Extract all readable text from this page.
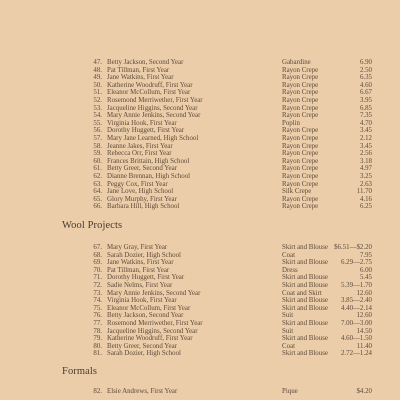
47. Betty Jackson, Second Year	Gabardine	6.90
48. Pat Tillman, First Year	Rayon Crepe	2.50
49. Jane Watkins, First Year	Rayon Crepe	6.35
50. Katherine Woodruff, First Year	Rayon Crepe	4.60
51. Eleanor McCollum, First Year	Rayon Crepe	6.67
52. Rosemond Merriwether, First Year	Rayon Crepe	3.95
53. Jacqueline Higgins, Second Year	Rayon Crepe	6.85
54. Mary Annie Jenkins, Second Year	Rayon Crepe	7.35
55. Virginia Hook, First Year	Poplin	4.70
56. Dorothy Huggett, First Year	Rayon Crepe	3.45
57. Mary Jane Learned, High School	Rayon Crepe	2.12
58. Jeanne Jakes, First Year	Rayon Crepe	3.45
59. Rebecca Orr, First Year	Rayon Crepe	2.56
60. Frances Brittain, High School	Rayon Crepe	3.18
61. Betty Greer, Second Year	Rayon Crepe	4.97
62. Dianne Brennan, High School	Rayon Crepe	3.25
63. Peggy Cox, First Year	Rayon Crepe	2.63
64. Jane Love, High School	Silk Crepe	11.70
65. Glory Murphy, First Year	Rayon Crepe	4.16
66. Barbara Hill, High School	Rayon Crepe	6.25
Wool Projects
67. Mary Gray, First Year	Skirt and Blouse $6.51—$2.20
68. Sarah Dozier, High School	Coat	7.95
69. Jane Watkins, First Year	Skirt and Blouse	6.29—2.75
70. Pat Tillman, First Year	Dress	6.00
71. Dorothy Huggett, First Year	Skirt and Blouse	5.45
72. Sadie Nelms, First Year	Skirt and Blouse	5.39—1.70
73. Mary Annie Jenkins, Second Year	Coat and Skirt	12.60
74. Virginia Hook, First Year	Skirt and Blouse	3.85—2.40
75. Eleanor McCollum, First Year	Skirt and Blouse	4.40—2.14
76. Betty Jackson, Second Year	Suit	12.60
77. Rosemond Merriwether, First Year	Skirt and Blouse	7.00—3.00
78. Jacqueline Higgins, Second Year	Suit	14.50
79. Katherine Woodruff, First Year	Skirt and Blouse	4.60—1.50
80. Betty Greer, Second Year	Coat	11.40
81. Sarah Dozier, High School	Skirt and Blouse	2.72—1.24
Formals
82. Elsie Andrews, First Year	Pique	$4.20
